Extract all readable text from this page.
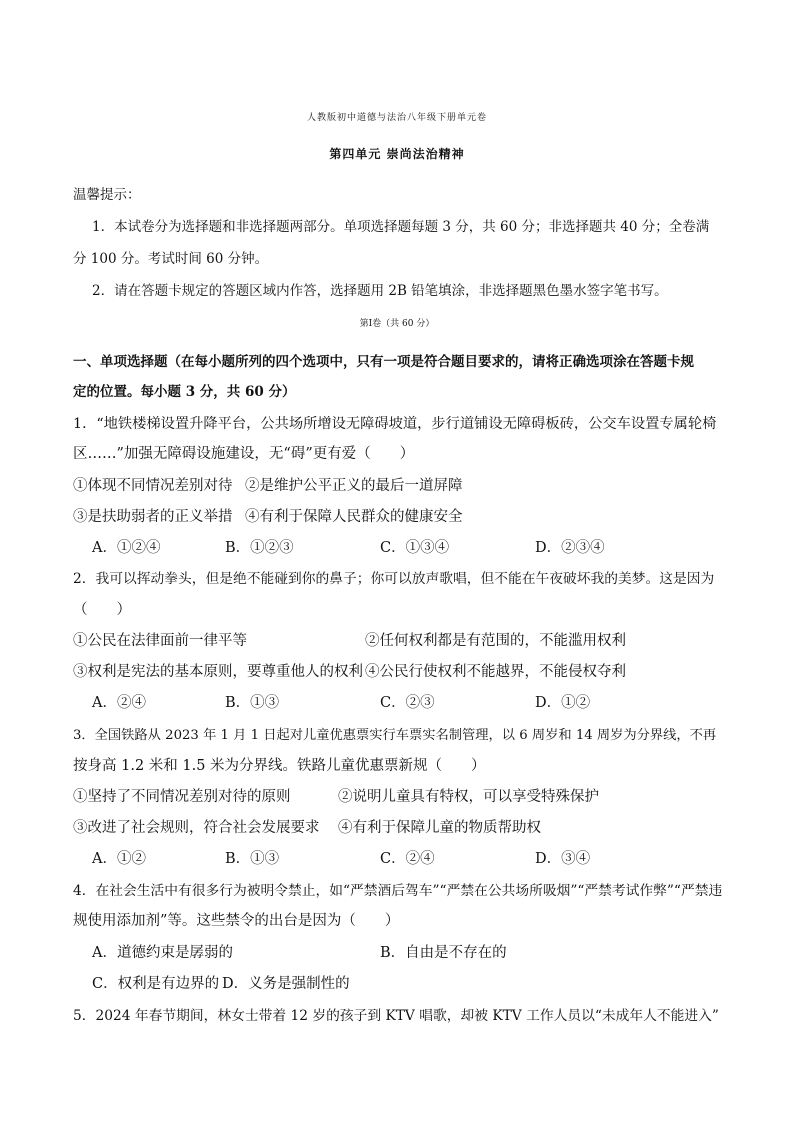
人教版初中道德与法治八年级下册单元卷
第四单元 崇尚法治精神
温馨提示：
1．本试卷分为选择题和非选择题两部分。单项选择题每题 3 分，共 60 分；非选择题共 40 分；全卷满
分 100 分。考试时间 60 分钟。
2．请在答题卡规定的答题区域内作答，选择题用 2B 铅笔填涂，非选择题黑色墨水签字笔书写。
第Ⅰ卷（共 60 分）
一、单项选择题（在每小题所列的四个选项中，只有一项是符合题目要求的，请将正确选项涂在答题卡规
定的位置。每小题 3 分，共 60 分）
1．“地铁楼梯设置升降平台，公共场所增设无障碍坡道，步行道铺设无障碍板砖，公交车设置专属轮椅
区……”加强无障碍设施建设，无“碍”更有爱（　　）
①体现不同情况差别对待 ②是维护公平正义的最后一道屏障
③是扶助弱者的正义举措 ④有利于保障人民群众的健康安全
A．①②④	B．①②③	C．①③④	D．②③④
2．我可以挥动拳头，但是绝不能碰到你的鼻子；你可以放声歌唱，但不能在午夜破坏我的美梦。这是因为
（　　）
①公民在法律面前一律平等	②任何权利都是有范围的，不能滥用权利
③权利是宪法的基本原则，要尊重他人的权利 ④公民行使权利不能越界，不能侵权夺利
A．②④	B．①③	C．②③	D．①②
3．全国铁路从 2023 年 1 月 1 日起对儿童优惠票实行车票实名制管理，以 6 周岁和 14 周岁为分界线，不再
按身高 1.2 米和 1.5 米为分界线。铁路儿童优惠票新规（　　）
①坚持了不同情况差别对待的原则	②说明儿童具有特权，可以享受特殊保护
③改进了社会规则，符合社会发展要求 ④有利于保障儿童的物质帮助权
A．①②	B．①③	C．②④	D．③④
4．在社会生活中有很多行为被明令禁止，如“严禁酒后驾车”“严禁在公共场所吸烟”“严禁考试作弊”“严禁违
规使用添加剂”等。这些禁令的出台是因为（　　）
A．道德约束是孱弱的	B．自由是不存在的
C．权利是有边界的 D．义务是强制性的
5．2024 年春节期间，林女士带着 12 岁的孩子到 KTV 唱歌，却被 KTV 工作人员以“未成年人不能进入”
